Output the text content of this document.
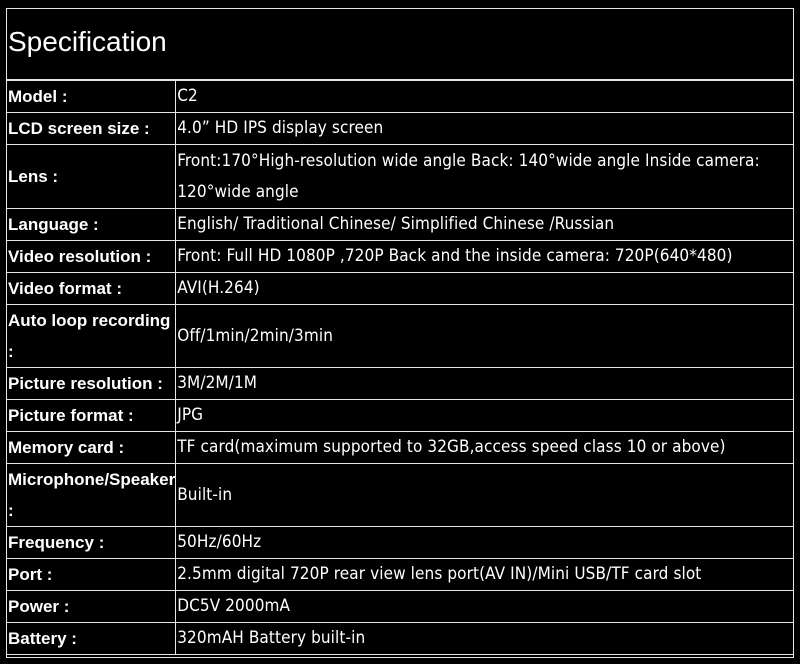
Specification
Model :	C2
LCD screen size :	4.0” HD IPS display screen
Lens :	Front:170°High-resolution wide angle Back: 140°wide angle Inside camera: 120°wide angle
Language :	English/ Traditional Chinese/ Simplified Chinese /Russian
Video resolution :	Front: Full HD 1080P ,720P Back and the inside camera: 720P(640*480)
Video format :	AVI(H.264)
Auto loop recording :	Off/1min/2min/3min
Picture resolution :	3M/2M/1M
Picture format :	JPG
Memory card :	TF card(maximum supported to 32GB,access speed class 10 or above)
Microphone/Speaker :	Built-in
Frequency :	50Hz/60Hz
Port :	2.5mm digital 720P rear view lens port(AV IN)/Mini USB/TF card slot
Power :	DC5V 2000mA
Battery :	320mAH Battery built-in
